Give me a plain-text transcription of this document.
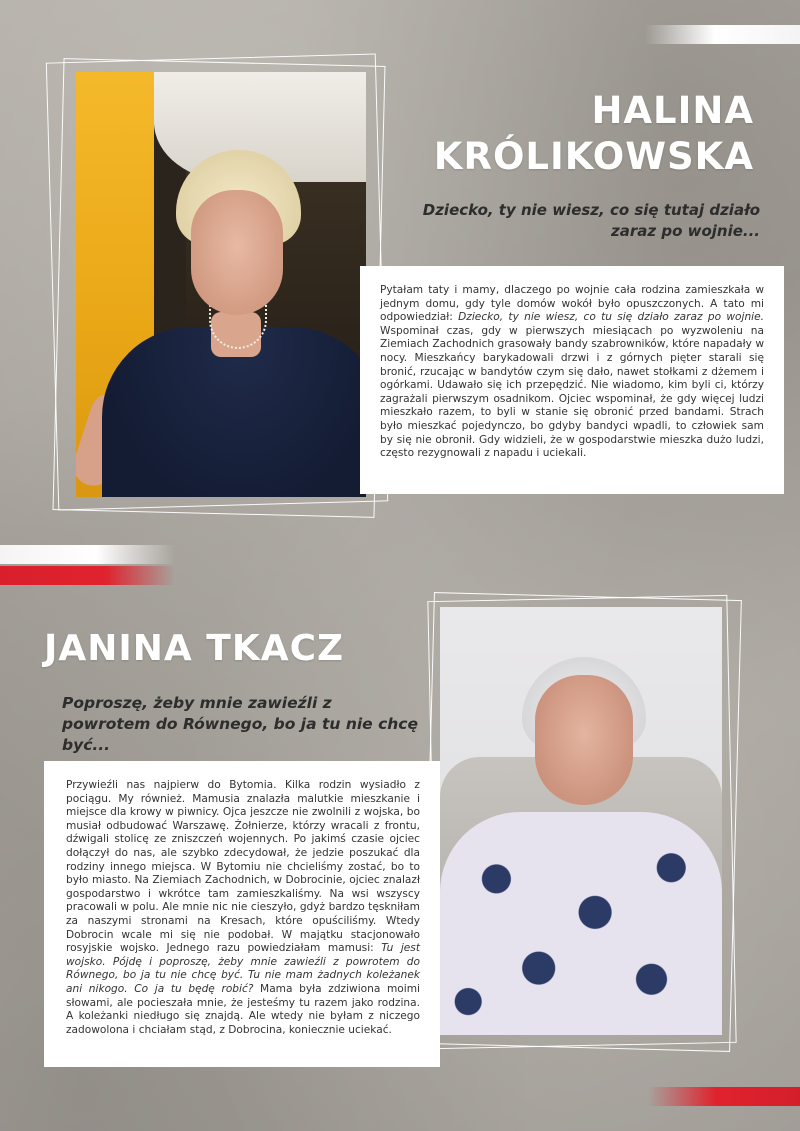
HALINA
KRÓLIKOWSKA
Dziecko, ty nie wiesz, co się tutaj działo zaraz po wojnie...

Pytałam taty i mamy, dlaczego po wojnie cała rodzina zamieszkała w jednym domu, gdy tyle domów wokół było opuszczonych. A tato mi odpowiedział: Dziecko, ty nie wiesz, co tu się działo zaraz po wojnie. Wspominał czas, gdy w pierwszych miesiącach po wyzwoleniu na Ziemiach Zachodnich grasowały bandy szabrowników, które napadały w nocy. Mieszkańcy barykadowali drzwi i z górnych pięter starali się bronić, rzucając w bandytów czym się dało, nawet stołkami z dżemem i ogórkami. Udawało się ich przepędzić. Nie wiadomo, kim byli ci, którzy zagrażali pierwszym osadnikom. Ojciec wspominał, że gdy więcej ludzi mieszkało razem, to byli w stanie się obronić przed bandami. Strach było mieszkać pojedynczo, bo gdyby bandyci wpadli, to człowiek sam by się nie obronił. Gdy widzieli, że w gospodarstwie mieszka dużo ludzi, często rezygnowali z napadu i uciekali.

JANINA TKACZ
Poproszę, żeby mnie zawieźli z powrotem do Równego, bo ja tu nie chcę być...

Przywieźli nas najpierw do Bytomia. Kilka rodzin wysiadło z pociągu. My również. Mamusia znalazła malutkie mieszkanie i miejsce dla krowy w piwnicy. Ojca jeszcze nie zwolnili z wojska, bo musiał odbudować Warszawę. Żołnierze, którzy wracali z frontu, dźwigali stolicę ze zniszczeń wojennych. Po jakimś czasie ojciec dołączył do nas, ale szybko zdecydował, że jedzie poszukać dla rodziny innego miejsca. W Bytomiu nie chcieliśmy zostać, bo to było miasto. Na Ziemiach Zachodnich, w Dobrocinie, ojciec znalazł gospodarstwo i wkrótce tam zamieszkaliśmy. Na wsi wszyscy pracowali w polu. Ale mnie nic nie cieszyło, gdyż bardzo tęskniłam za naszymi stronami na Kresach, które opuściliśmy. Wtedy Dobrocin wcale mi się nie podobał. W majątku stacjonowało rosyjskie wojsko. Jednego razu powiedziałam mamusi: Tu jest wojsko. Pójdę i poproszę, żeby mnie zawieźli z powrotem do Równego, bo ja tu nie chcę być. Tu nie mam żadnych koleżanek ani nikogo. Co ja tu będę robić? Mama była zdziwiona moimi słowami, ale pocieszała mnie, że jesteśmy tu razem jako rodzina. A koleżanki niedługo się znajdą. Ale wtedy nie byłam z niczego zadowolona i chciałam stąd, z Dobrocina, koniecznie uciekać.
